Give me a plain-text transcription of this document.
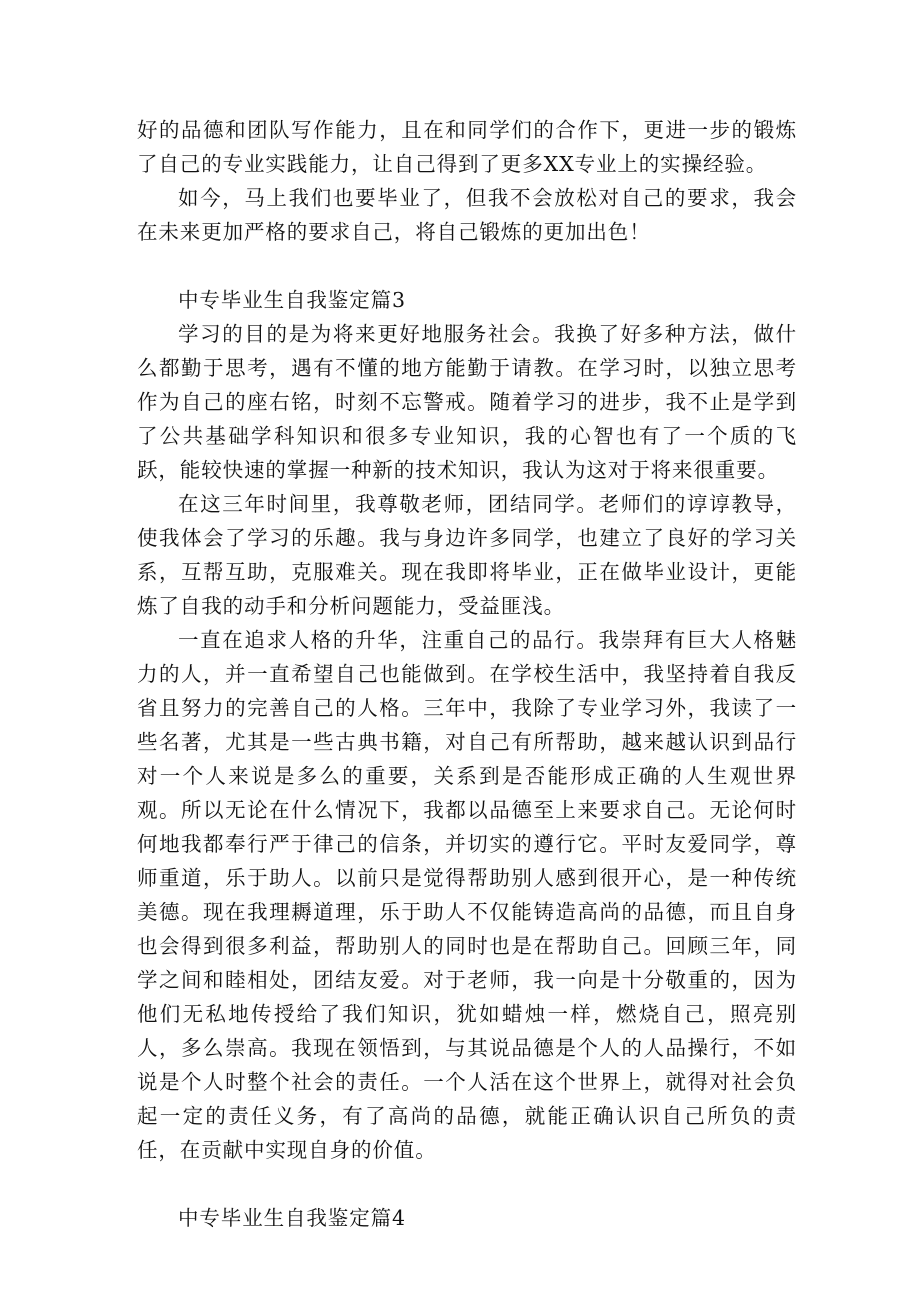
好的品德和团队写作能力，且在和同学们的合作下，更进一步的锻炼了自己的专业实践能力，让自己得到了更多XX专业上的实操经验。

如今，马上我们也要毕业了，但我不会放松对自己的要求，我会在未来更加严格的要求自己，将自己锻炼的更加出色！

中专毕业生自我鉴定篇3

学习的目的是为将来更好地服务社会。我换了好多种方法，做什么都勤于思考，遇有不懂的地方能勤于请教。在学习时，以独立思考作为自己的座右铭，时刻不忘警戒。随着学习的进步，我不止是学到了公共基础学科知识和很多专业知识，我的心智也有了一个质的飞跃，能较快速的掌握一种新的技术知识，我认为这对于将来很重要。

在这三年时间里，我尊敬老师，团结同学。老师们的谆谆教导，使我体会了学习的乐趣。我与身边许多同学，也建立了良好的学习关系，互帮互助，克服难关。现在我即将毕业，正在做毕业设计，更能炼了自我的动手和分析问题能力，受益匪浅。

一直在追求人格的升华，注重自己的品行。我崇拜有巨大人格魅力的人，并一直希望自己也能做到。在学校生活中，我坚持着自我反省且努力的完善自己的人格。三年中，我除了专业学习外，我读了一些名著，尤其是一些古典书籍，对自己有所帮助，越来越认识到品行对一个人来说是多么的重要，关系到是否能形成正确的人生观世界观。所以无论在什么情况下，我都以品德至上来要求自己。无论何时何地我都奉行严于律己的信条，并切实的遵行它。平时友爱同学，尊师重道，乐于助人。以前只是觉得帮助别人感到很开心，是一种传统美德。现在我理耨道理，乐于助人不仅能铸造高尚的品德，而且自身也会得到很多利益，帮助别人的同时也是在帮助自己。回顾三年，同学之间和睦相处，团结友爱。对于老师，我一向是十分敬重的，因为他们无私地传授给了我们知识，犹如蜡烛一样，燃烧自己，照亮别人，多么崇高。我现在领悟到，与其说品德是个人的人品操行，不如说是个人时整个社会的责任。一个人活在这个世界上，就得对社会负起一定的责任义务，有了高尚的品德，就能正确认识自己所负的责任，在贡献中实现自身的价值。

中专毕业生自我鉴定篇4
